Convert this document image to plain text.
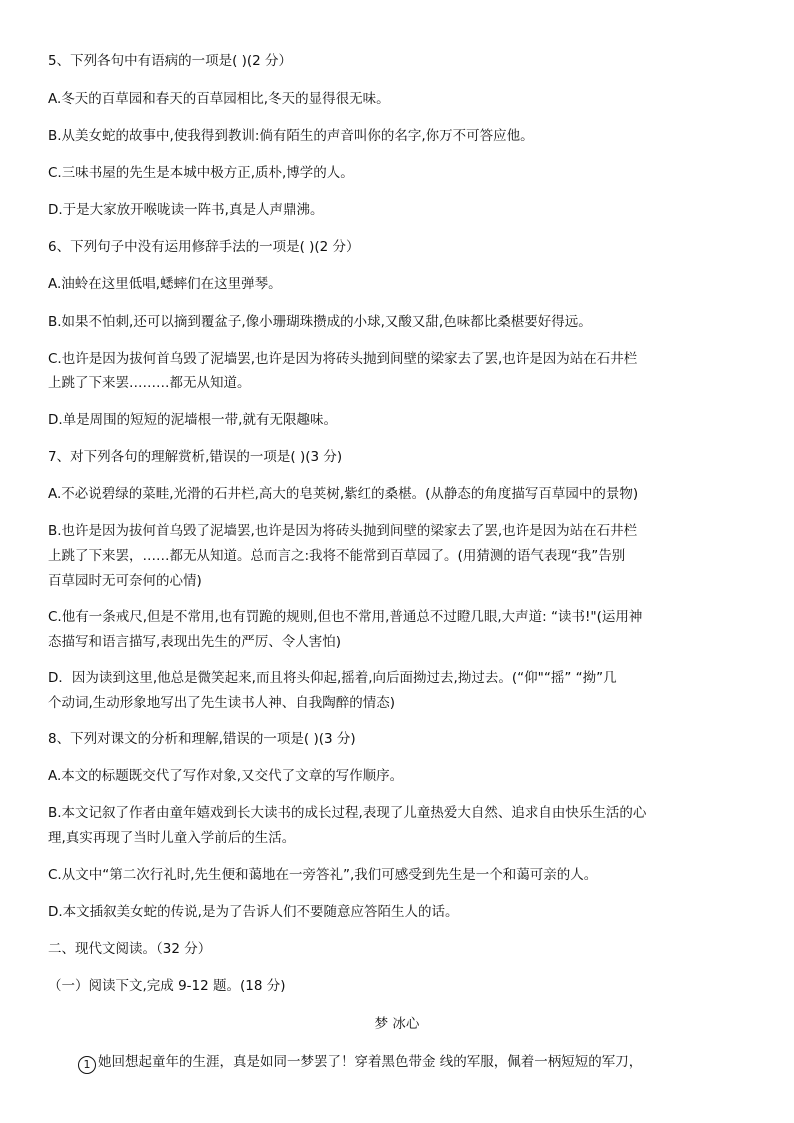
5、下列各句中有语病的一项是( )(2 分）
A.冬天的百草园和春天的百草园相比,冬天的显得很无味。
B.从美女蛇的故事中,使我得到教训:倘有陌生的声音叫你的名字,你万不可答应他。
C.三味书屋的先生是本城中极方正,质朴,博学的人。
D.于是大家放开喉咙读一阵书,真是人声鼎沸。
6、下列句子中没有运用修辞手法的一项是( )(2 分）
A.油蛉在这里低唱,蟋蟀们在这里弹琴。
B.如果不怕刺,还可以摘到覆盆子,像小珊瑚珠攒成的小球,又酸又甜,色味都比桑椹要好得远。
C.也许是因为拔何首乌毁了泥墙罢,也许是因为将砖头抛到间壁的梁家去了罢,也许是因为站在石井栏
上跳了下来罢………都无从知道。
D.单是周围的短短的泥墙根一带,就有无限趣味。
7、对下列各句的理解赏析,错误的一项是( )(3 分)
A.不必说碧绿的菜畦,光滑的石井栏,高大的皂荚树,紫红的桑椹。(从静态的角度描写百草园中的景物)
B.也许是因为拔何首乌毁了泥墙罢,也许是因为将砖头抛到间壁的梁家去了罢,也许是因为站在石井栏
上跳了下来罢，……都无从知道。总而言之:我将不能常到百草园了。(用猜测的语气表现“我”告别
百草园时无可奈何的心情)
C.他有一条戒尺,但是不常用,也有罚跪的规则,但也不常用,普通总不过瞪几眼,大声道: “读书!"(运用神
态描写和语言描写,表现出先生的严厉、令人害怕)
D．因为读到这里,他总是微笑起来,而且将头仰起,摇着,向后面拗过去,拗过去。(“仰"“摇” “拗”几
个动词,生动形象地写出了先生读书人神、自我陶醉的情态)
8、下列对课文的分析和理解,错误的一项是( )(3 分)
A.本文的标题既交代了写作对象,又交代了文章的写作顺序。
B.本文记叙了作者由童年嬉戏到长大读书的成长过程,表现了儿童热爱大自然、追求自由快乐生活的心
理,真实再现了当时儿童入学前后的生活。
C.从文中“第二次行礼时,先生便和蔼地在一旁答礼”,我们可感受到先生是一个和蔼可亲的人。
D.本文插叙美女蛇的传说,是为了告诉人们不要随意应答陌生人的话。
二、现代文阅读。（32 分）
（一）阅读下文,完成 9-12 题。(18 分)
梦 冰心
1 她回想起童年的生涯，真是如同一梦罢了！穿着黑色带金 线的军服，佩着一柄短短的军刀，
